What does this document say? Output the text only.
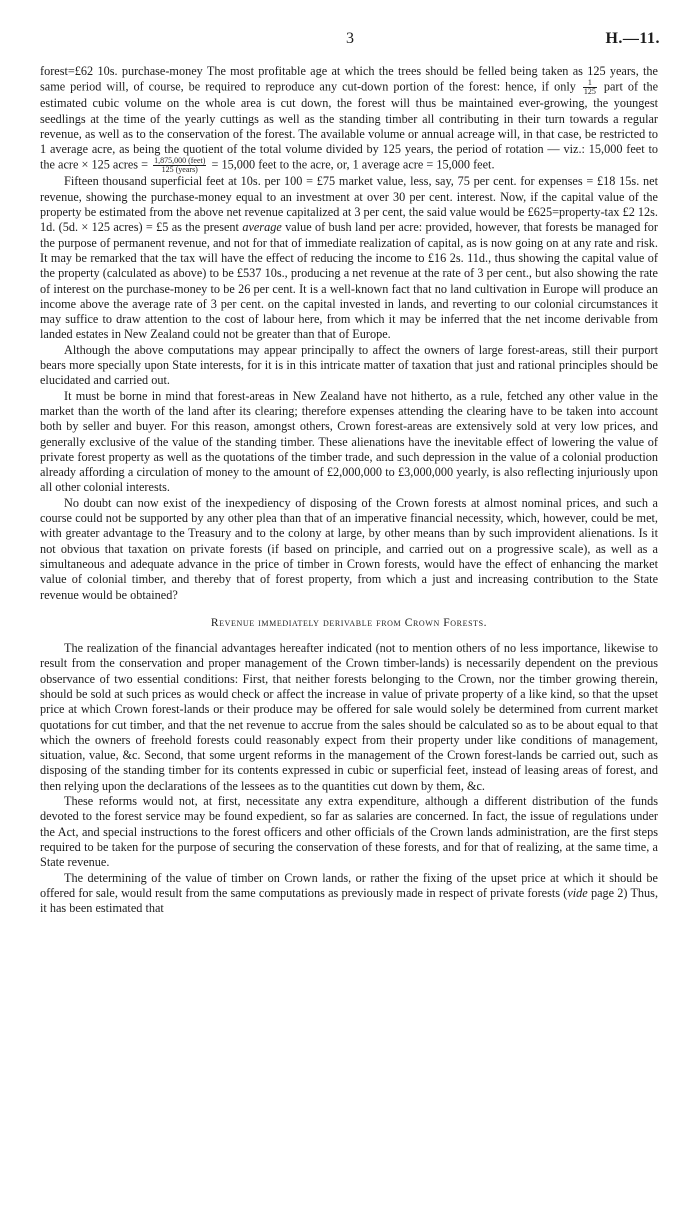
3	H.—11.

forest=£62 10s. purchase-money The most profitable age at which the trees should be felled being taken as 125 years, the same period will, of course, be required to reproduce any cut-down portion of the forest: hence, if only $\frac{1}{125}$ part of the estimated cubic volume on the whole area is cut down, the forest will thus be maintained ever-growing, the youngest seedlings at the time of the yearly cuttings as well as the standing timber all contributing in their turn towards a regular revenue, as well as to the conservation of the forest. The available volume or annual acreage will, in that case, be restricted to 1 average acre, as being the quotient of the total volume divided by 125 years, the period of rotation — viz.: 15,000 feet to the acre × 125 acres = $\frac{\text{1,875,000 (feet)}}{\text{125 (years)}} = 15,000$ feet to the acre, or, 1 average acre = 15,000 feet.

Fifteen thousand superficial feet at 10s. per 100 = £75 market value, less, say, 75 per cent. for expenses = £18 15s. net revenue, showing the purchase-money equal to an investment at over 30 per cent. interest. Now, if the capital value of the property be estimated from the above net revenue capitalized at 3 per cent, the said value would be £625=property-tax £2 12s. 1d. (5d. × 125 acres) = £5 as the present average value of bush land per acre: provided, however, that forests be managed for the purpose of permanent revenue, and not for that of immediate realization of capital, as is now going on at any rate and risk. It may be remarked that the tax will have the effect of reducing the income to £16 2s. 11d., thus showing the capital value of the property (calculated as above) to be £537 10s., producing a net revenue at the rate of 3 per cent., but also showing the rate of interest on the purchase-money to be 26 per cent. It is a well-known fact that no land cultivation in Europe will produce an income above the average rate of 3 per cent. on the capital invested in lands, and reverting to our colonial circumstances it may suffice to draw attention to the cost of labour here, from which it may be inferred that the net income derivable from landed estates in New Zealand could not be greater than that of Europe.

Although the above computations may appear principally to affect the owners of large forest-areas, still their purport bears more specially upon State interests, for it is in this intricate matter of taxation that just and rational principles should be elucidated and carried out.

It must be borne in mind that forest-areas in New Zealand have not hitherto, as a rule, fetched any other value in the market than the worth of the land after its clearing; therefore expenses attending the clearing have to be taken into account both by seller and buyer. For this reason, amongst others, Crown forest-areas are extensively sold at very low prices, and generally exclusive of the value of the standing timber. These alienations have the inevitable effect of lowering the value of private forest property as well as the quotations of the timber trade, and such depression in the value of a colonial production already affording a circulation of money to the amount of £2,000,000 to £3,000,000 yearly, is also reflecting injuriously upon all other colonial interests.

No doubt can now exist of the inexpediency of disposing of the Crown forests at almost nominal prices, and such a course could not be supported by any other plea than that of an imperative financial necessity, which, however, could be met, with greater advantage to the Treasury and to the colony at large, by other means than by such improvident alienations. Is it not obvious that taxation on private forests (if based on principle, and carried out on a progressive scale), as well as a simultaneous and adequate advance in the price of timber in Crown forests, would have the effect of enhancing the market value of colonial timber, and thereby that of forest property, from which a just and increasing contribution to the State revenue would be obtained?

Revenue immediately derivable from Crown Forests.

The realization of the financial advantages hereafter indicated (not to mention others of no less importance, likewise to result from the conservation and proper management of the Crown timber-lands) is necessarily dependent on the previous observance of two essential conditions: First, that neither forests belonging to the Crown, nor the timber growing therein, should be sold at such prices as would check or affect the increase in value of private property of a like kind, so that the upset price at which Crown forest-lands or their produce may be offered for sale would solely be determined from current market quotations for cut timber, and that the net revenue to accrue from the sales should be calculated so as to be about equal to that which the owners of freehold forests could reasonably expect from their property under like conditions of management, situation, value, &c. Second, that some urgent reforms in the management of the Crown forest-lands be carried out, such as disposing of the standing timber for its contents expressed in cubic or superficial feet, instead of leasing areas of forest, and then relying upon the declarations of the lessees as to the quantities cut down by them, &c.

These reforms would not, at first, necessitate any extra expenditure, although a different distribution of the funds devoted to the forest service may be found expedient, so far as salaries are concerned. In fact, the issue of regulations under the Act, and special instructions to the forest officers and other officials of the Crown lands administration, are the first steps required to be taken for the purpose of securing the conservation of these forests, and for that of realizing, at the same time, a State revenue.

The determining of the value of timber on Crown lands, or rather the fixing of the upset price at which it should be offered for sale, would result from the same computations as previously made in respect of private forests (vide page 2) Thus, it has been estimated that
